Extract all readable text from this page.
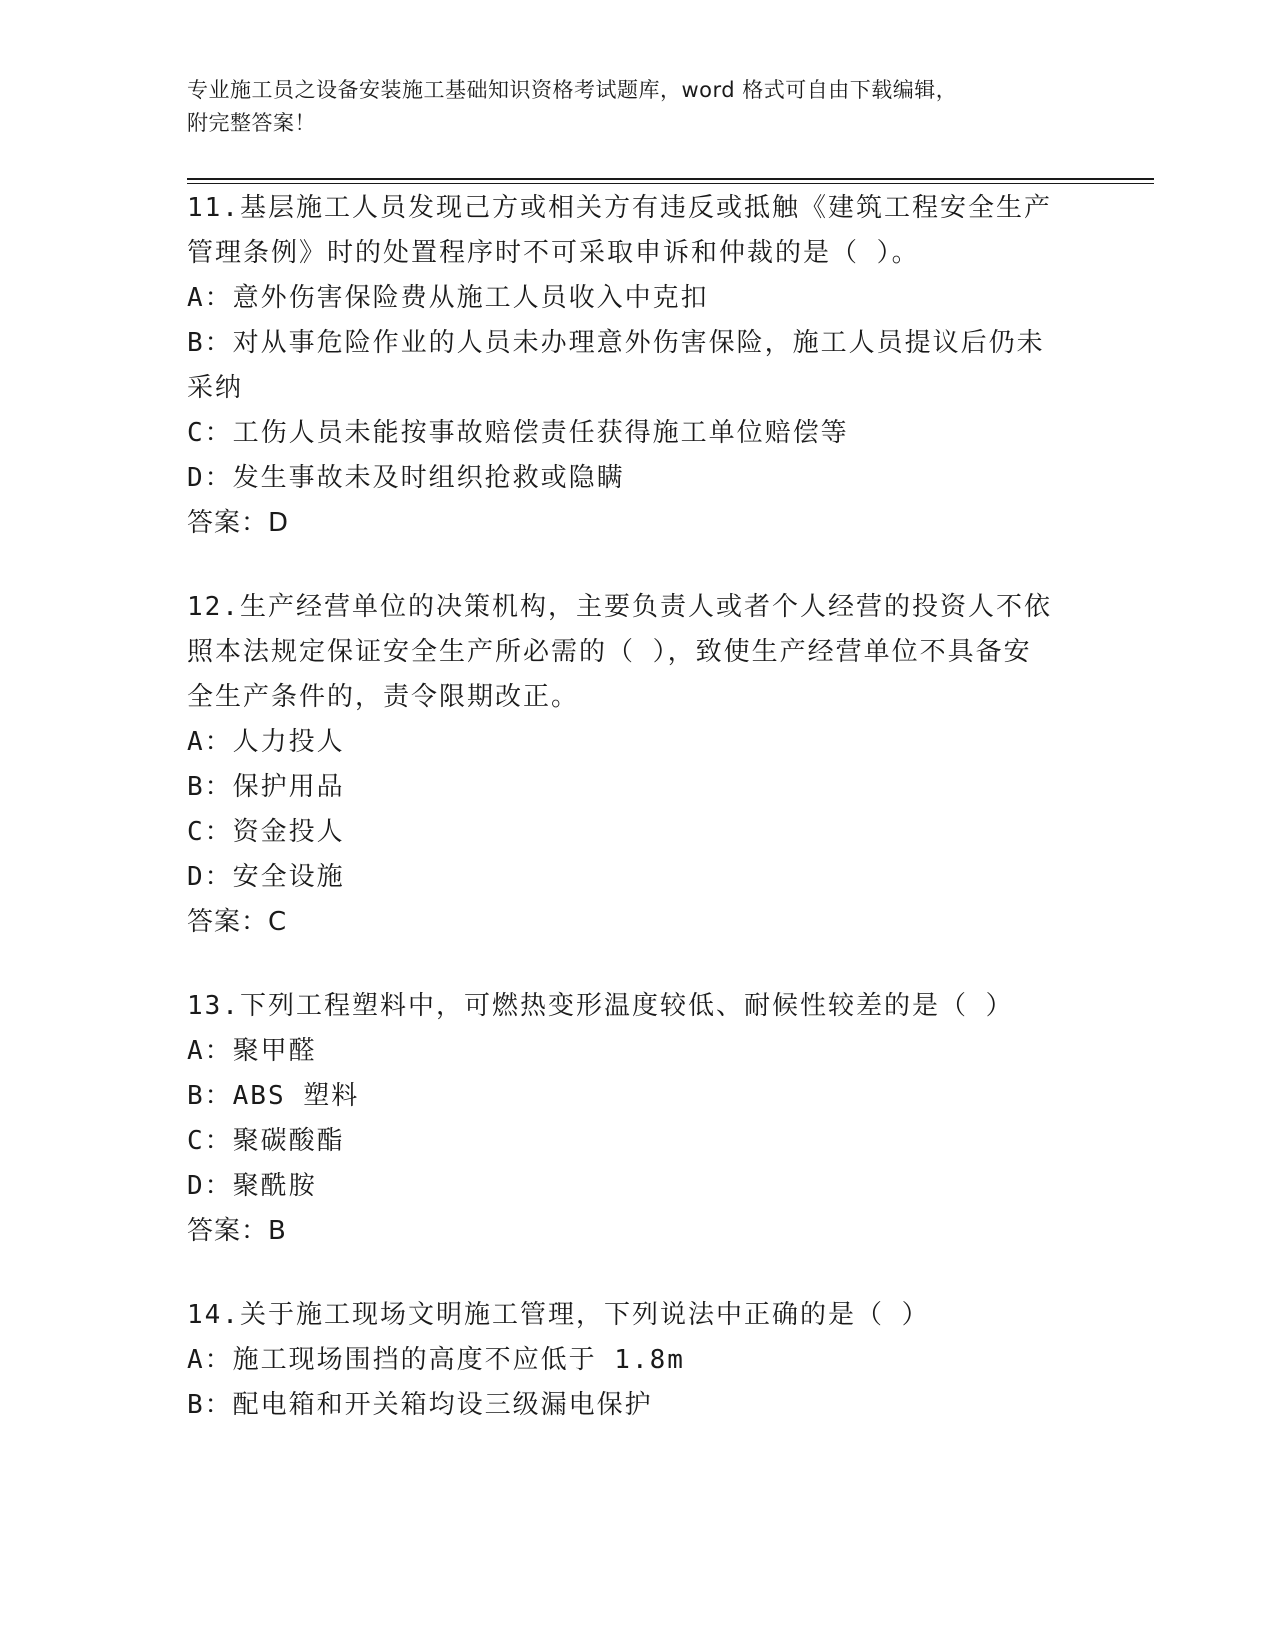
专业施工员之设备安装施工基础知识资格考试题库，word 格式可自由下载编辑，
附完整答案！
11.基层施工人员发现己方或相关方有违反或抵触《建筑工程安全生产
管理条例》时的处置程序时不可采取申诉和仲裁的是（ ）。
A：意外伤害保险费从施工人员收入中克扣
B：对从事危险作业的人员未办理意外伤害保险，施工人员提议后仍未
采纳
C：工伤人员未能按事故赔偿责任获得施工单位赔偿等
D：发生事故未及时组织抢救或隐瞒
答案：D
12.生产经营单位的决策机构，主要负责人或者个人经营的投资人不依
照本法规定保证安全生产所必需的（ ），致使生产经营单位不具备安
全生产条件的，责令限期改正。
A：人力投人
B：保护用品
C：资金投人
D：安全设施
答案：C
13.下列工程塑料中，可燃热变形温度较低、耐候性较差的是（ ）
A：聚甲醛
B：ABS 塑料
C：聚碳酸酯
D：聚酰胺
答案：B
14.关于施工现场文明施工管理，下列说法中正确的是（ ）
A：施工现场围挡的高度不应低于 1.8m
B：配电箱和开关箱均设三级漏电保护
